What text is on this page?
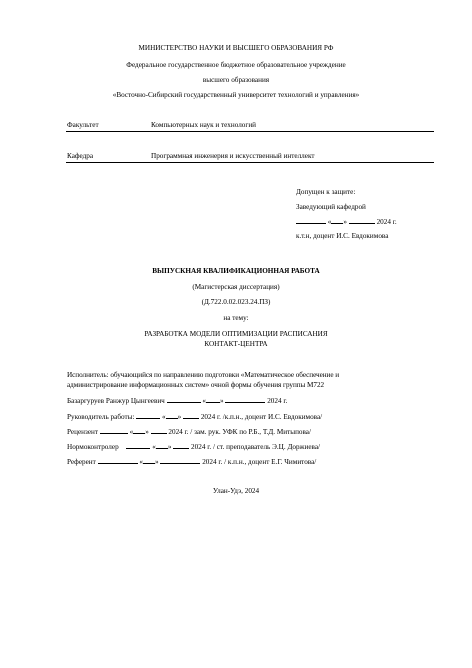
МИНИСТЕРСТВО НАУКИ И ВЫСШЕГО ОБРАЗОВАНИЯ РФ
Федеральное государственное бюджетное образовательное учреждение
высшего образования
«Восточно-Сибирский государственный университет технологий и управления»
Факультет	Компьютерных наук и технологий
Кафедра	Программная инженерия и искусственный интеллект
Допущен к защите:
Заведующий кафедрой
« »	2024 г.
к.т.н, доцент И.С. Евдокимова
ВЫПУСКНАЯ КВАЛИФИКАЦИОННАЯ РАБОТА
(Магистерская диссертация)
(Д.722.0.02.023.24.ПЗ)
на тему:
РАЗРАБОТКА МОДЕЛИ ОПТИМИЗАЦИИ РАСПИСАНИЯ
КОНТАКТ-ЦЕНТРА
Исполнитель: обучающийся по направлению подготовки «Математическое обеспечение и
администрирование информационных систем» очной формы обучения группы М722
Базаргуруев Ранжур Цынгеевич	« »	2024 г.
Руководитель работы:	« »	2024 г. /к.п.н., доцент И.С. Евдокимова/
Рецензент	« »	2024 г. / зам. рук. УФК по Р.Б., Т.Д. Митыпова/
Нормоконтролер	« »	2024 г. / ст. преподаватель Э.Ц. Доржиева/
Референт	« »	2024 г. / к.п.н., доцент Е.Г. Чимитова/
Улан-Удэ, 2024
